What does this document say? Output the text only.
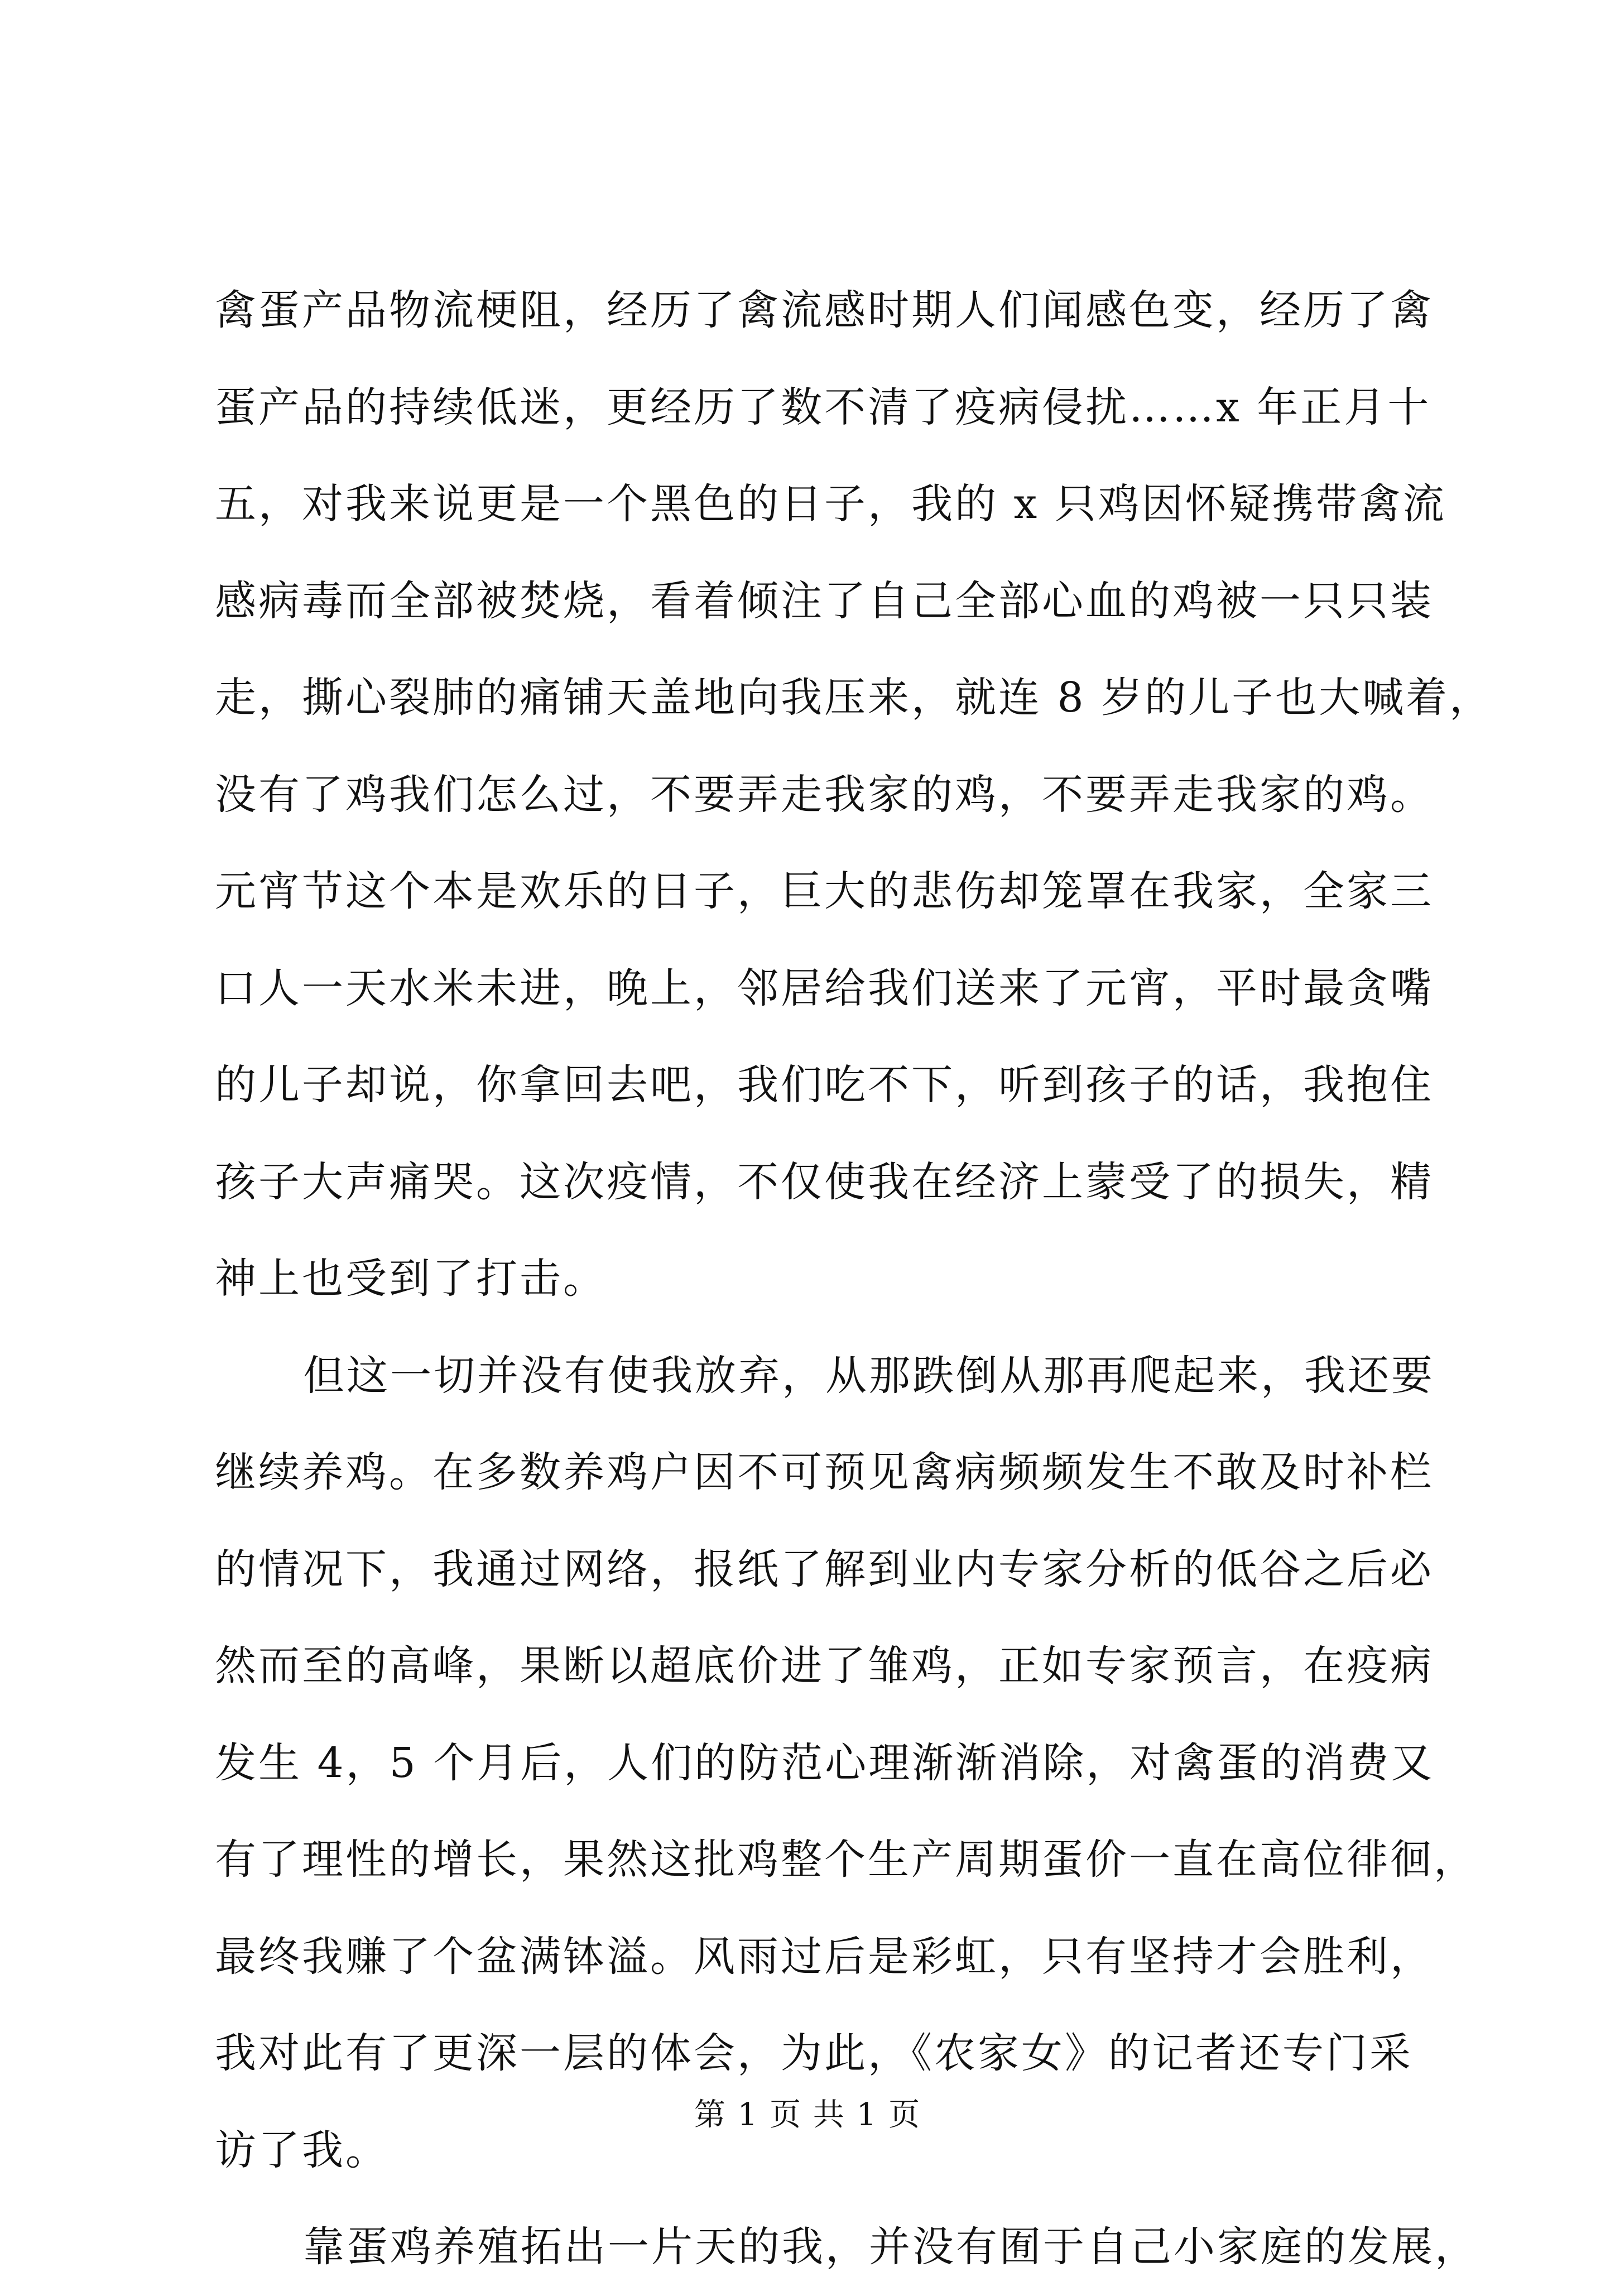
禽蛋产品物流梗阻，经历了禽流感时期人们闻感色变，经历了禽
蛋产品的持续低迷，更经历了数不清了疫病侵扰……x 年正月十
五，对我来说更是一个黑色的日子，我的 x 只鸡因怀疑携带禽流
感病毒而全部被焚烧，看着倾注了自己全部心血的鸡被一只只装
走，撕心裂肺的痛铺天盖地向我压来，就连 8 岁的儿子也大喊着，
没有了鸡我们怎么过，不要弄走我家的鸡，不要弄走我家的鸡。
元宵节这个本是欢乐的日子，巨大的悲伤却笼罩在我家，全家三
口人一天水米未进，晚上，邻居给我们送来了元宵，平时最贪嘴
的儿子却说，你拿回去吧，我们吃不下，听到孩子的话，我抱住
孩子大声痛哭。这次疫情，不仅使我在经济上蒙受了的损失，精
神上也受到了打击。
但这一切并没有使我放弃，从那跌倒从那再爬起来，我还要
继续养鸡。在多数养鸡户因不可预见禽病频频发生不敢及时补栏
的情况下，我通过网络，报纸了解到业内专家分析的低谷之后必
然而至的高峰，果断以超底价进了雏鸡，正如专家预言，在疫病
发生 4，5 个月后，人们的防范心理渐渐消除，对禽蛋的消费又
有了理性的增长，果然这批鸡整个生产周期蛋价一直在高位徘徊，
最终我赚了个盆满钵溢。风雨过后是彩虹，只有坚持才会胜利，
我对此有了更深一层的体会，为此，《农家女》的记者还专门采
访了我。
靠蛋鸡养殖拓出一片天的我，并没有囿于自己小家庭的发展，
第 1 页 共 1 页
